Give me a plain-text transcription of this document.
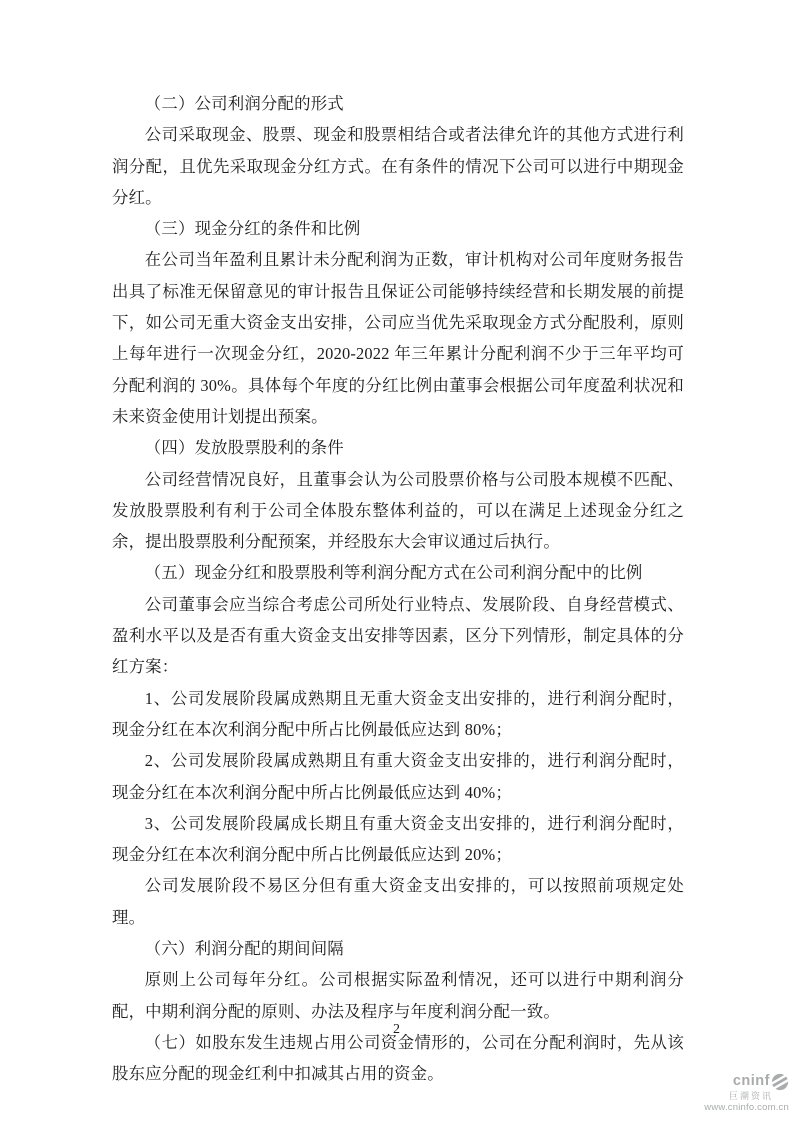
（二）公司利润分配的形式

公司采取现金、股票、现金和股票相结合或者法律允许的其他方式进行利润分配，且优先采取现金分红方式。在有条件的情况下公司可以进行中期现金分红。

（三）现金分红的条件和比例

在公司当年盈利且累计未分配利润为正数，审计机构对公司年度财务报告出具了标准无保留意见的审计报告且保证公司能够持续经营和长期发展的前提下，如公司无重大资金支出安排，公司应当优先采取现金方式分配股利，原则上每年进行一次现金分红，2020-2022 年三年累计分配利润不少于三年平均可分配利润的 30%。具体每个年度的分红比例由董事会根据公司年度盈利状况和未来资金使用计划提出预案。

（四）发放股票股利的条件

公司经营情况良好，且董事会认为公司股票价格与公司股本规模不匹配、发放股票股利有利于公司全体股东整体利益的，可以在满足上述现金分红之余，提出股票股利分配预案，并经股东大会审议通过后执行。

（五）现金分红和股票股利等利润分配方式在公司利润分配中的比例

公司董事会应当综合考虑公司所处行业特点、发展阶段、自身经营模式、盈利水平以及是否有重大资金支出安排等因素，区分下列情形，制定具体的分红方案：

1、公司发展阶段属成熟期且无重大资金支出安排的，进行利润分配时，现金分红在本次利润分配中所占比例最低应达到 80%；

2、公司发展阶段属成熟期且有重大资金支出安排的，进行利润分配时，现金分红在本次利润分配中所占比例最低应达到 40%；

3、公司发展阶段属成长期且有重大资金支出安排的，进行利润分配时，现金分红在本次利润分配中所占比例最低应达到 20%；

公司发展阶段不易区分但有重大资金支出安排的，可以按照前项规定处理。

（六）利润分配的期间间隔

原则上公司每年分红。公司根据实际盈利情况，还可以进行中期利润分配，中期利润分配的原则、办法及程序与年度利润分配一致。

（七）如股东发生违规占用公司资金情形的，公司在分配利润时，先从该股东应分配的现金红利中扣减其占用的资金。

2
cninf
巨潮资讯
www.cninfo.com.cn
